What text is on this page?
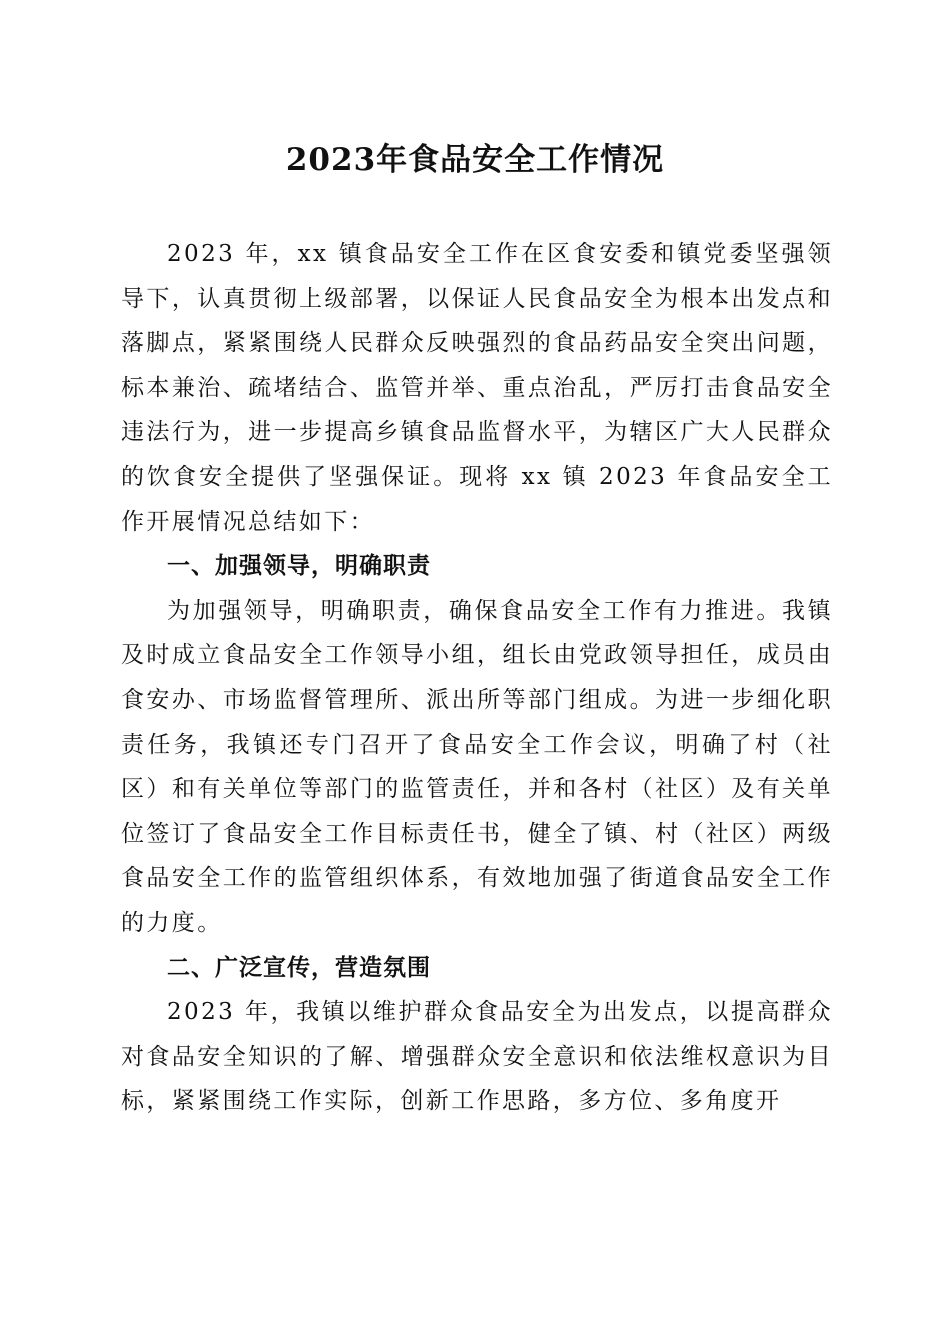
2023年食品安全工作情况

2023 年，xx 镇食品安全工作在区食安委和镇党委坚强领导下，认真贯彻上级部署，以保证人民食品安全为根本出发点和落脚点，紧紧围绕人民群众反映强烈的食品药品安全突出问题，标本兼治、疏堵结合、监管并举、重点治乱，严厉打击食品安全违法行为，进一步提高乡镇食品监督水平，为辖区广大人民群众的饮食安全提供了坚强保证。现将 xx 镇 2023 年食品安全工作开展情况总结如下：

一、加强领导，明确职责

为加强领导，明确职责，确保食品安全工作有力推进。我镇及时成立食品安全工作领导小组，组长由党政领导担任，成员由食安办、市场监督管理所、派出所等部门组成。为进一步细化职责任务，我镇还专门召开了食品安全工作会议，明确了村（社区）和有关单位等部门的监管责任，并和各村（社区）及有关单位签订了食品安全工作目标责任书，健全了镇、村（社区）两级食品安全工作的监管组织体系，有效地加强了街道食品安全工作的力度。

二、广泛宣传，营造氛围

2023 年，我镇以维护群众食品安全为出发点，以提高群众对食品安全知识的了解、增强群众安全意识和依法维权意识为目标，紧紧围绕工作实际，创新工作思路，多方位、多角度开
